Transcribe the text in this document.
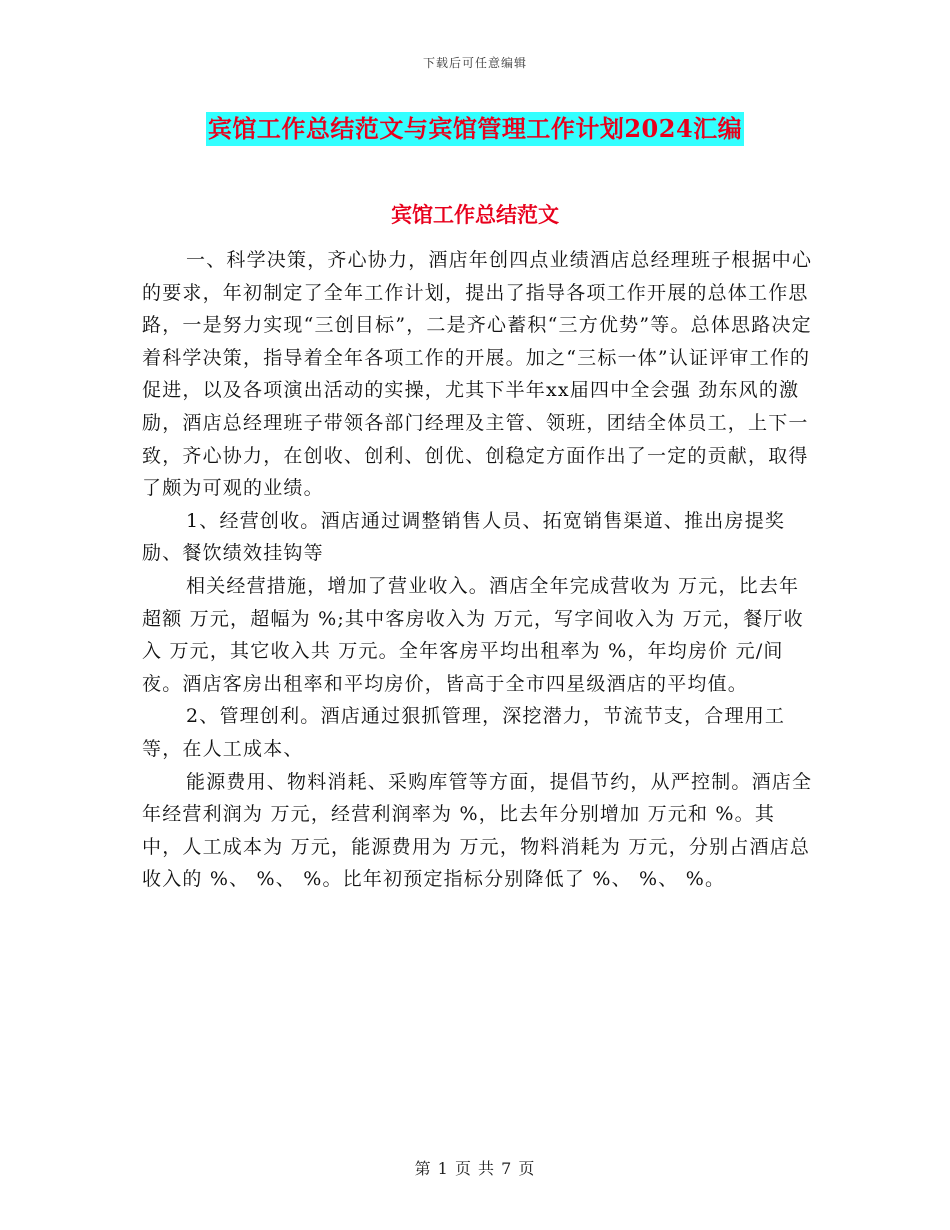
下载后可任意编辑
宾馆工作总结范文与宾馆管理工作计划2024汇编
宾馆工作总结范文

一、科学决策，齐心协力，酒店年创四点业绩酒店总经理班子根据中心的要求，年初制定了全年工作计划，提出了指导各项工作开展的总体工作思路，一是努力实现“三创目标”，二是齐心蓄积“三方优势”等。总体思路决定着科学决策，指导着全年各项工作的开展。加之“三标一体”认证评审工作的促进，以及各项演出活动的实操，尤其下半年xx届四中全会强 劲东风的激励，酒店总经理班子带领各部门经理及主管、领班，团结全体员工，上下一致，齐心协力，在创收、创利、创优、创稳定方面作出了一定的贡献，取得了颇为可观的业绩。

1、经营创收。酒店通过调整销售人员、拓宽销售渠道、推出房提奖励、餐饮绩效挂钩等

相关经营措施，增加了营业收入。酒店全年完成营收为 万元，比去年超额 万元，超幅为 %;其中客房收入为 万元，写字间收入为 万元，餐厅收入 万元，其它收入共 万元。全年客房平均出租率为 %，年均房价 元/间夜。酒店客房出租率和平均房价，皆高于全市四星级酒店的平均值。

2、管理创利。酒店通过狠抓管理，深挖潜力，节流节支，合理用工等，在人工成本、

能源费用、物料消耗、采购库管等方面，提倡节约，从严控制。酒店全年经营利润为 万元，经营利润率为 %，比去年分别增加 万元和 %。其中，人工成本为 万元，能源费用为 万元，物料消耗为 万元，分别占酒店总收入的 %、 %、 %。比年初预定指标分别降低了 %、 %、 %。

第 1 页 共 7 页
